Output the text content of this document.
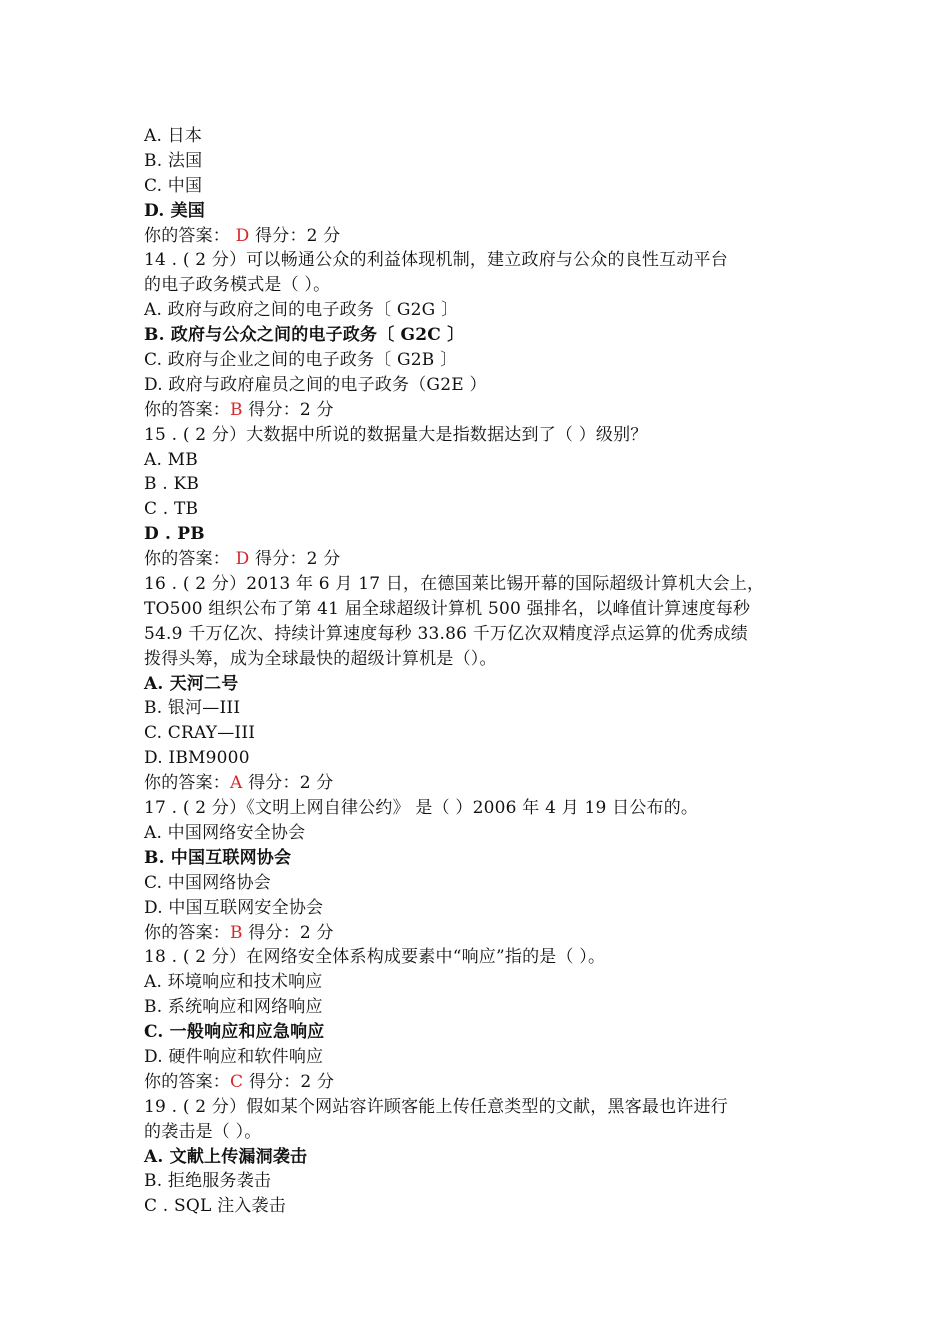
A. 日本
B. 法国
C. 中国
D. 美国
你的答案： D 得分：2 分
14 . ( 2 分）可以畅通公众的利益体现机制，建立政府与公众的良性互动平台
的电子政务模式是（ ）。
A. 政府与政府之间的电子政务〔 G2G 〕
B. 政府与公众之间的电子政务〔 G2C 〕
C. 政府与企业之间的电子政务〔 G2B 〕
D. 政府与政府雇员之间的电子政务（G2E ）
你的答案：B 得分：2 分
15 . ( 2 分）大数据中所说的数据量大是指数据达到了（ ）级别？
A. MB
B . KB
C . TB
D . PB
你的答案： D 得分：2 分
16 . ( 2 分）2013 年 6 月 17 日，在德国莱比锡开幕的国际超级计算机大会上，
TO500 组织公布了第 41 届全球超级计算机 500 强排名，以峰值计算速度每秒
54.9 千万亿次、持续计算速度每秒 33.86 千万亿次双精度浮点运算的优秀成绩
拨得头筹，成为全球最快的超级计算机是（）。
A. 天河二号
B. 银河—III
C. CRAY—III
D. IBM9000
你的答案：A 得分：2 分
17 . ( 2 分）《文明上网自律公约》 是（ ）2006 年 4 月 19 日公布的。
A. 中国网络安全协会
B. 中国互联网协会
C. 中国网络协会
D. 中国互联网安全协会
你的答案：B 得分：2 分
18 . ( 2 分）在网络安全体系构成要素中“响应”指的是（ ）。
A. 环境响应和技术响应
B. 系统响应和网络响应
C. 一般响应和应急响应
D. 硬件响应和软件响应
你的答案：C 得分：2 分
19 . ( 2 分）假如某个网站容许顾客能上传任意类型的文献，黑客最也许进行
的袭击是（ ）。
A. 文献上传漏洞袭击
B. 拒绝服务袭击
C . SQL 注入袭击
